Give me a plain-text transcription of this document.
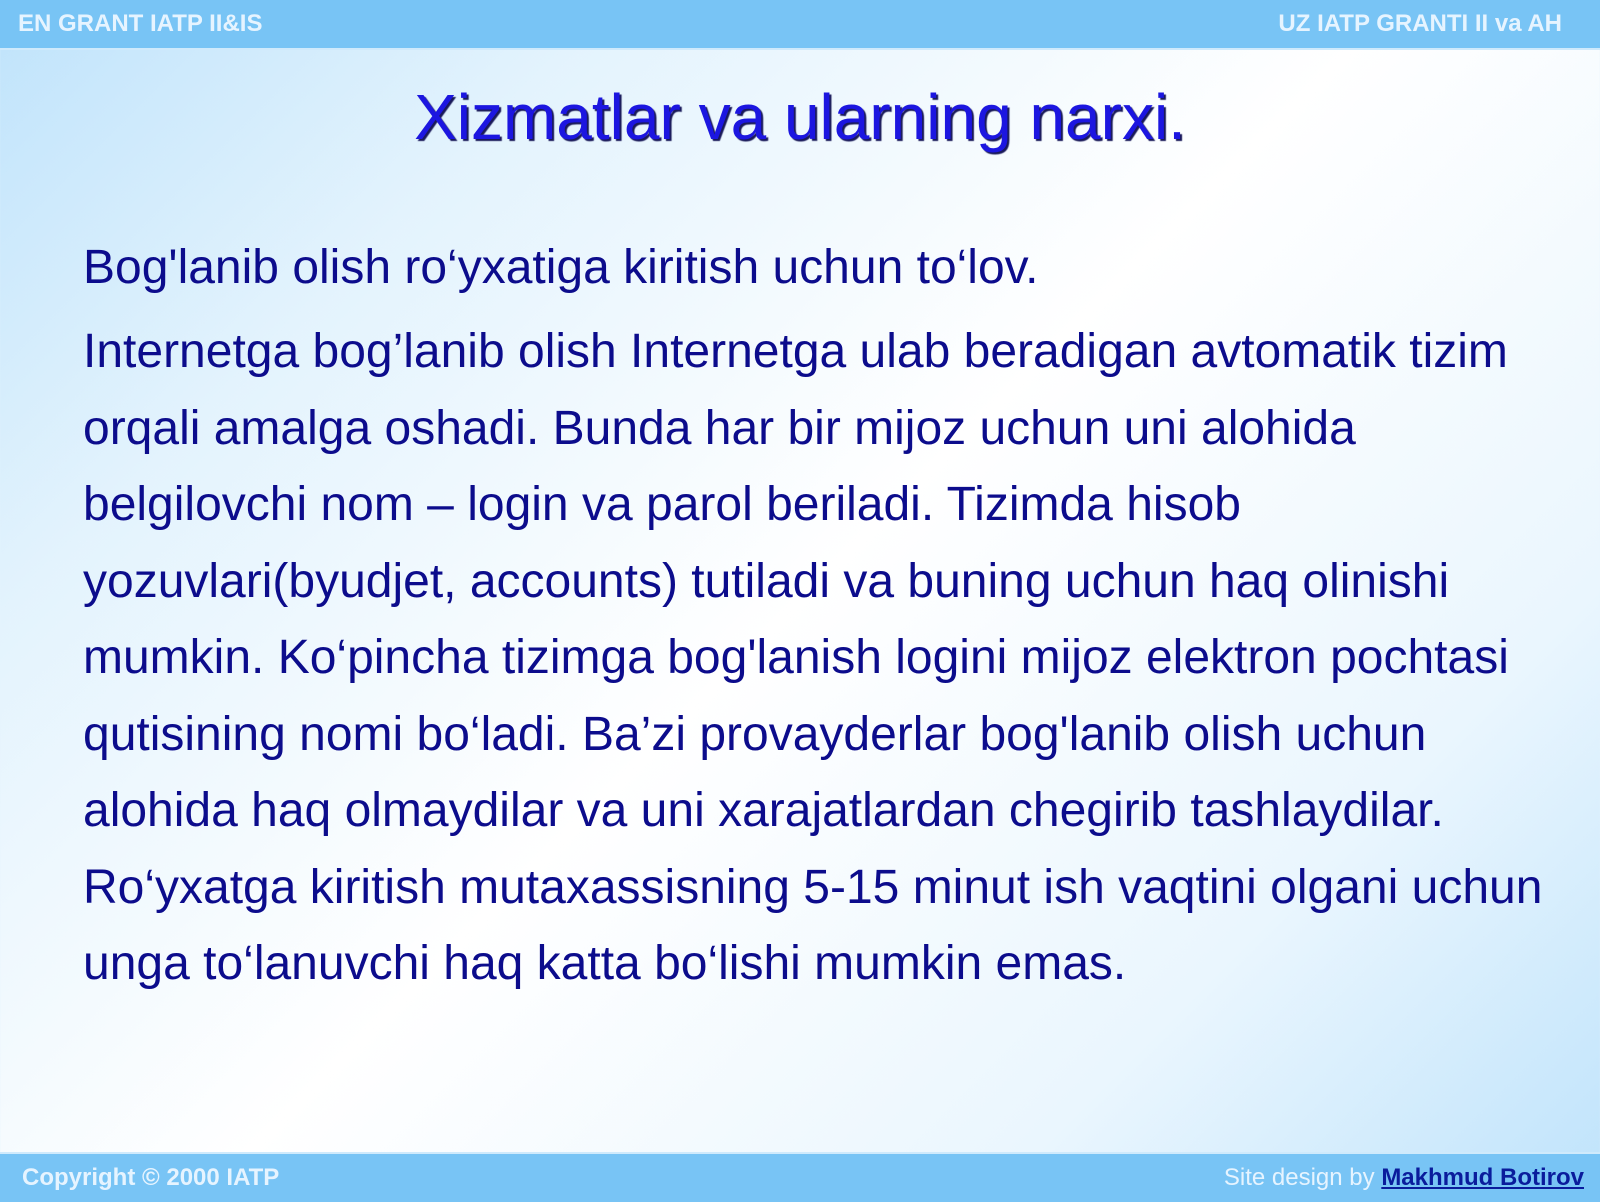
EN GRANT IATP II&IS	UZ IATP GRANTI II va AH
Xizmatlar va ularning narxi.

Bog'lanib olish ro‘yxatiga kiritish uchun to‘lov.

Internetga bog’lanib olish Internetga ulab beradigan avtomatik tizim orqali amalga oshadi. Bunda har bir mijoz uchun uni alohida belgilovchi nom – login va parol beriladi. Tizimda hisob yozuvlari(byudjet, accounts) tutiladi va buning uchun haq olinishi mumkin. Ko‘pincha tizimga bog'lanish logini mijoz elektron pochtasi qutisining nomi bo‘ladi. Ba’zi provayderlar bog'lanib olish uchun alohida haq olmaydilar va uni xarajatlardan chegirib tashlaydilar. Ro‘yxatga kiritish mutaxassisning 5-15 minut ish vaqtini olgani uchun unga to‘lanuvchi haq katta bo‘lishi mumkin emas.

Copyright © 2000 IATP	Site design by Makhmud Botirov
